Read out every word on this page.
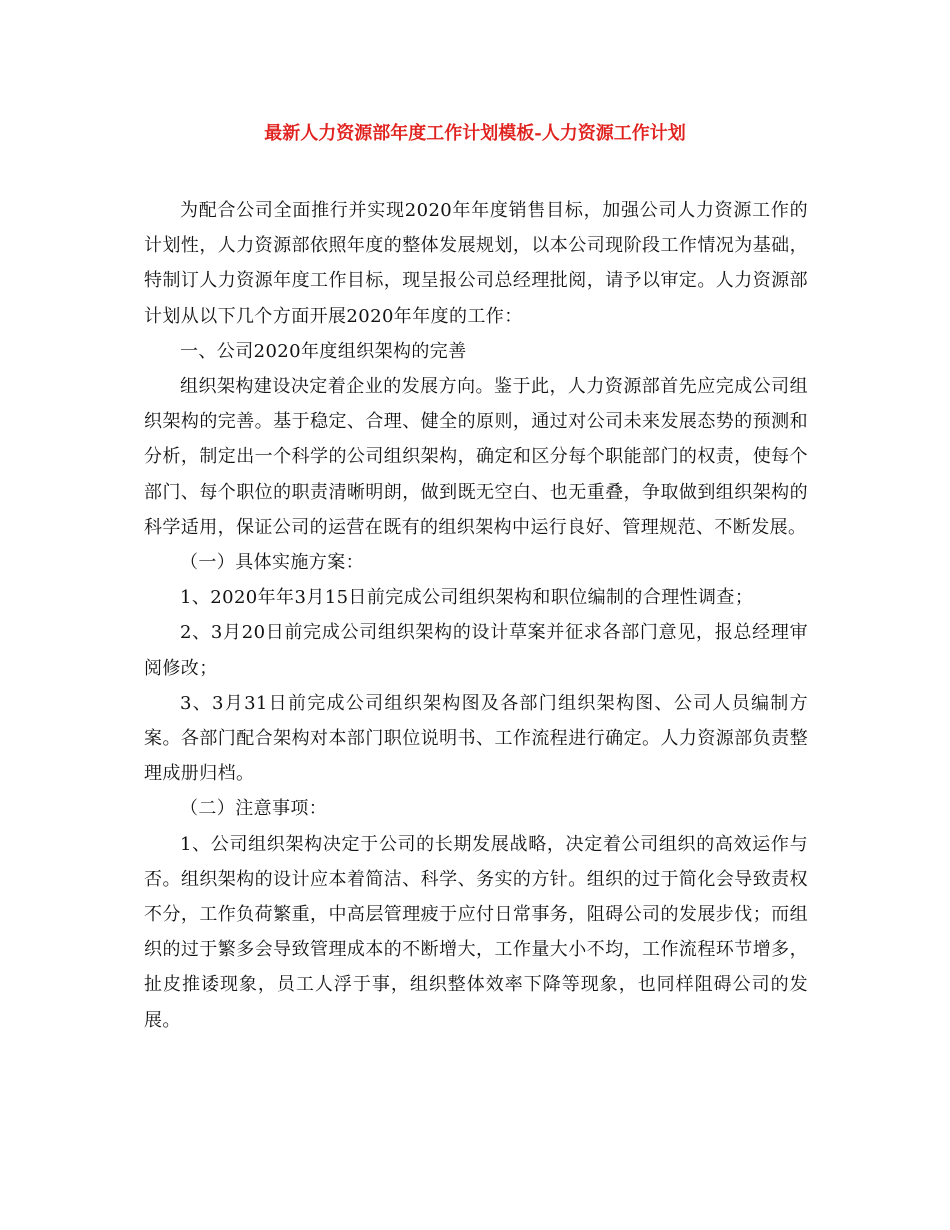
最新人力资源部年度工作计划模板-人力资源工作计划

为配合公司全面推行并实现2020年年度销售目标，加强公司人力资源工作的计划性，人力资源部依照年度的整体发展规划，以本公司现阶段工作情况为基础，特制订人力资源年度工作目标，现呈报公司总经理批阅，请予以审定。人力资源部计划从以下几个方面开展2020年年度的工作：

一、公司2020年度组织架构的完善

组织架构建设决定着企业的发展方向。鉴于此，人力资源部首先应完成公司组织架构的完善。基于稳定、合理、健全的原则，通过对公司未来发展态势的预测和分析，制定出一个科学的公司组织架构，确定和区分每个职能部门的权责，使每个部门、每个职位的职责清晰明朗，做到既无空白、也无重叠，争取做到组织架构的科学适用，保证公司的运营在既有的组织架构中运行良好、管理规范、不断发展。

（一）具体实施方案：

1、2020年年3月15日前完成公司组织架构和职位编制的合理性调查；

2、3月20日前完成公司组织架构的设计草案并征求各部门意见，报总经理审阅修改；

3、3月31日前完成公司组织架构图及各部门组织架构图、公司人员编制方案。各部门配合架构对本部门职位说明书、工作流程进行确定。人力资源部负责整理成册归档。

（二）注意事项：

1、公司组织架构决定于公司的长期发展战略，决定着公司组织的高效运作与否。组织架构的设计应本着简洁、科学、务实的方针。组织的过于简化会导致责权不分，工作负荷繁重，中高层管理疲于应付日常事务，阻碍公司的发展步伐；而组织的过于繁多会导致管理成本的不断增大，工作量大小不均，工作流程环节增多，扯皮推诿现象，员工人浮于事，组织整体效率下降等现象，也同样阻碍公司的发展。
